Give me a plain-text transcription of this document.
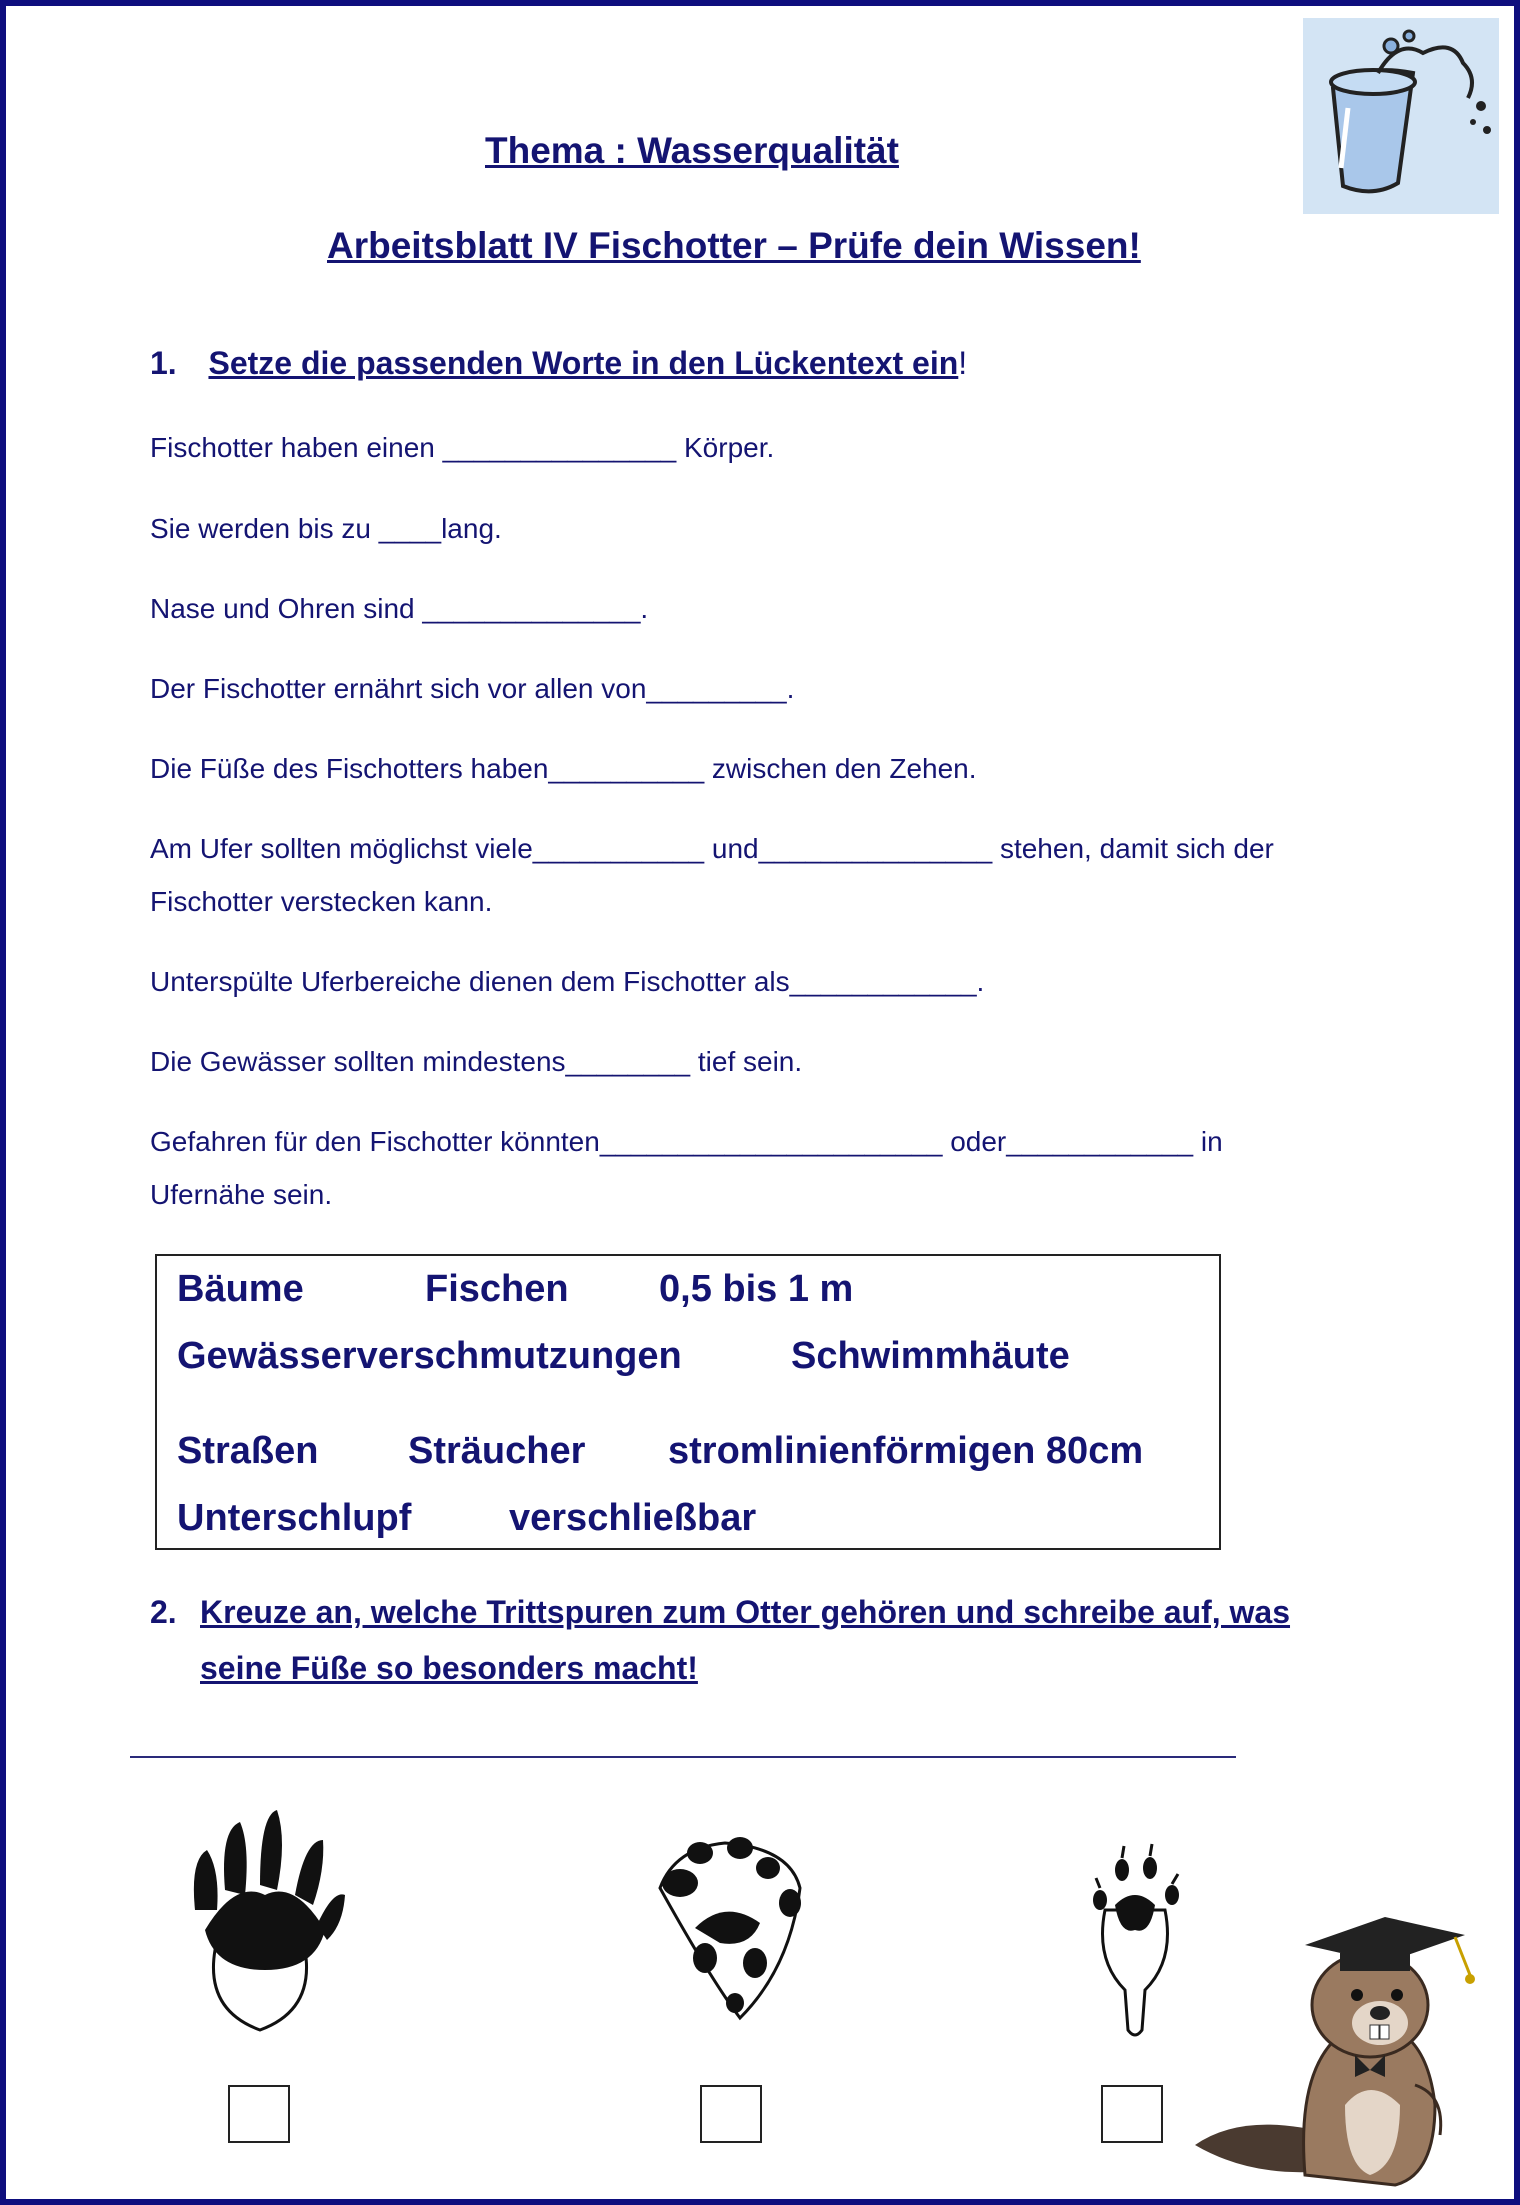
Thema : Wasserqualität
Arbeitsblatt IV Fischotter – Prüfe dein Wissen!
1. Setze die passenden Worte in den Lückentext ein!
Fischotter haben einen _______________ Körper.
Sie werden bis zu ____lang.
Nase und Ohren sind ______________.
Der Fischotter ernährt sich vor allen von_________.
Die Füße des Fischotters haben__________ zwischen den Zehen.
Am Ufer sollten möglichst viele___________ und_______________ stehen, damit sich der
Fischotter verstecken kann.
Unterspülte Uferbereiche dienen dem Fischotter als____________.
Die Gewässer sollten mindestens________ tief sein.
Gefahren für den Fischotter könnten______________________ oder____________ in
Ufernähe sein.
Bäume	Fischen 0,5 bis 1 m
Gewässerverschmutzungen	Schwimmhäute
Straßen Sträucher stromlinienförmigen 80cm
Unterschlupf	verschließbar
2. Kreuze an, welche Trittspuren zum Otter gehören und schreibe auf, was
seine Füße so besonders macht!
